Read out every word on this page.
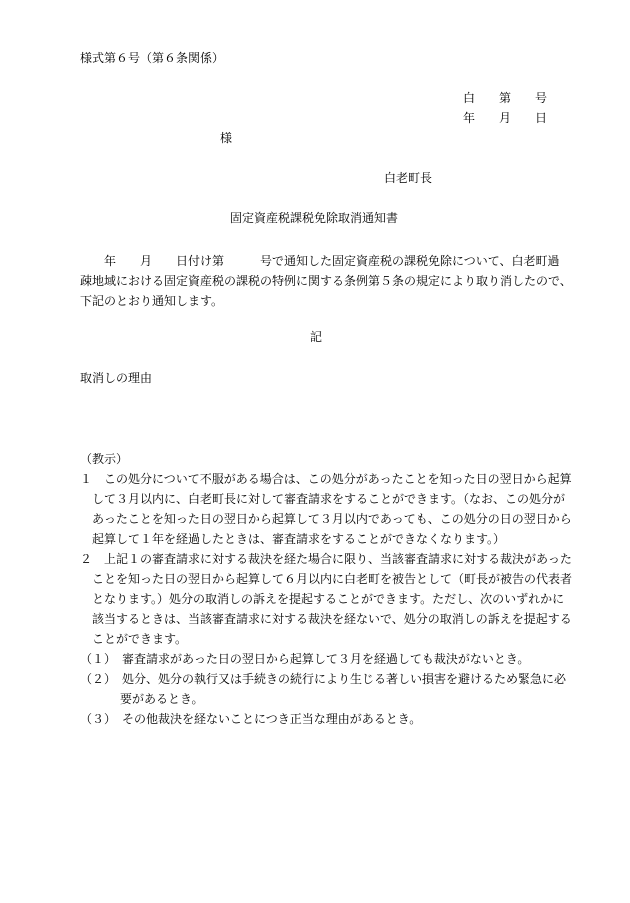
様式第６号（第６条関係）
白 第 号
年 月 日
様
白老町長
固定資産税課税免除取消通知書
　　年　　月　　日付け第　　　号で通知した固定資産税の課税免除について、白老町過
疎地域における固定資産税の課税の特例に関する条例第５条の規定により取り消したので、
下記のとおり通知します。
記
取消しの理由
（教示）
１　この処分について不服がある場合は、この処分があったことを知った日の翌日から起算
して３月以内に、白老町長に対して審査請求をすることができます。（なお、この処分が
あったことを知った日の翌日から起算して３月以内であっても、この処分の日の翌日から
起算して１年を経過したときは、審査請求をすることができなくなります。）
２　上記１の審査請求に対する裁決を経た場合に限り、当該審査請求に対する裁決があった
ことを知った日の翌日から起算して６月以内に白老町を被告として（町長が被告の代表者
となります。）処分の取消しの訴えを提起することができます。ただし、次のいずれかに
該当するときは、当該審査請求に対する裁決を経ないで、処分の取消しの訴えを提起する
ことができます。
（１）　審査請求があった日の翌日から起算して３月を経過しても裁決がないとき。
（２）　処分、処分の執行又は手続きの続行により生じる著しい損害を避けるため緊急に必
要があるとき。
（３）　その他裁決を経ないことにつき正当な理由があるとき。
